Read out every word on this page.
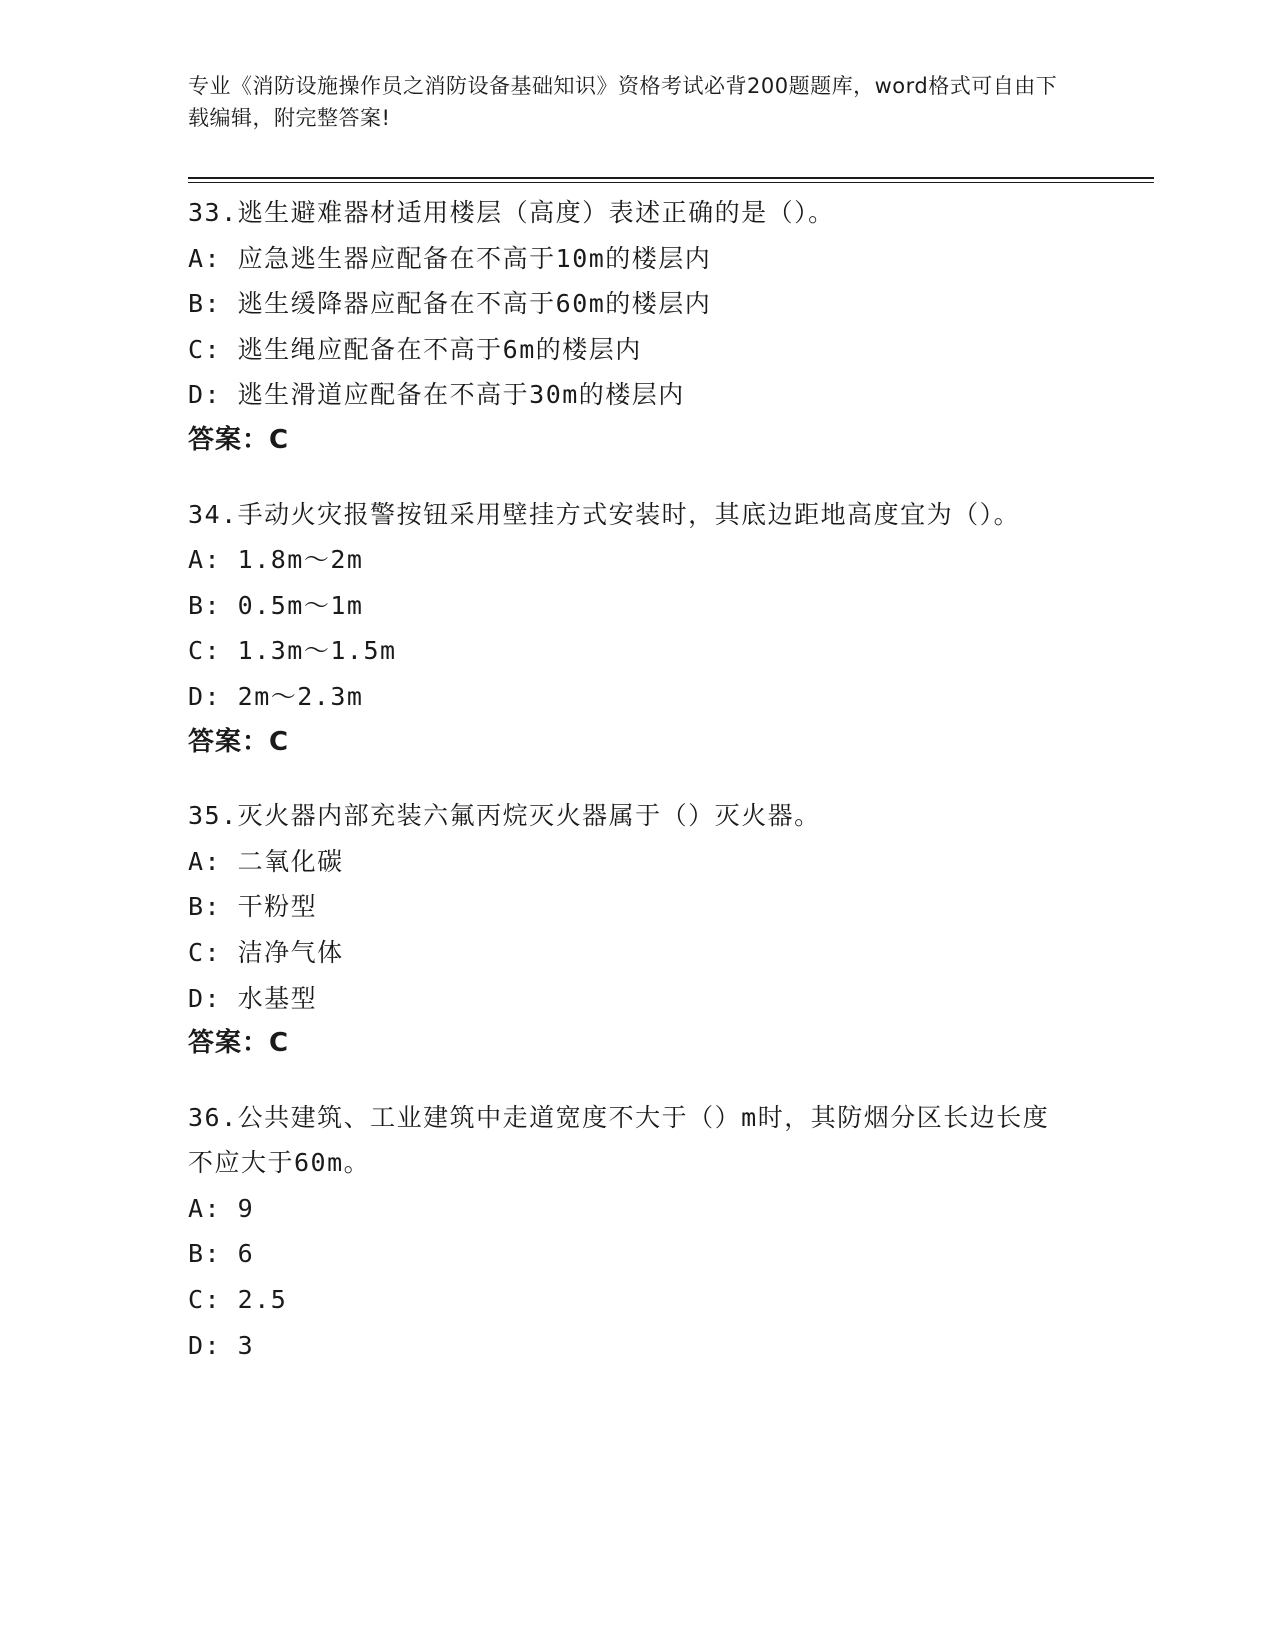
专业《消防设施操作员之消防设备基础知识》资格考试必背200题题库，word格式可自由下载编辑，附完整答案!
33.逃生避难器材适用楼层（高度）表述正确的是（）。
A: 应急逃生器应配备在不高于10m的楼层内
B: 逃生缓降器应配备在不高于60m的楼层内
C: 逃生绳应配备在不高于6m的楼层内
D: 逃生滑道应配备在不高于30m的楼层内
答案：C
34.手动火灾报警按钮采用壁挂方式安装时，其底边距地高度宜为（）。
A: 1.8m～2m
B: 0.5m～1m
C: 1.3m～1.5m
D: 2m～2.3m
答案：C
35.灭火器内部充装六氟丙烷灭火器属于（）灭火器。
A: 二氧化碳
B: 干粉型
C: 洁净气体
D: 水基型
答案：C
36.公共建筑、工业建筑中走道宽度不大于（）m时，其防烟分区长边长度不应大于60m。
A: 9
B: 6
C: 2.5
D: 3
